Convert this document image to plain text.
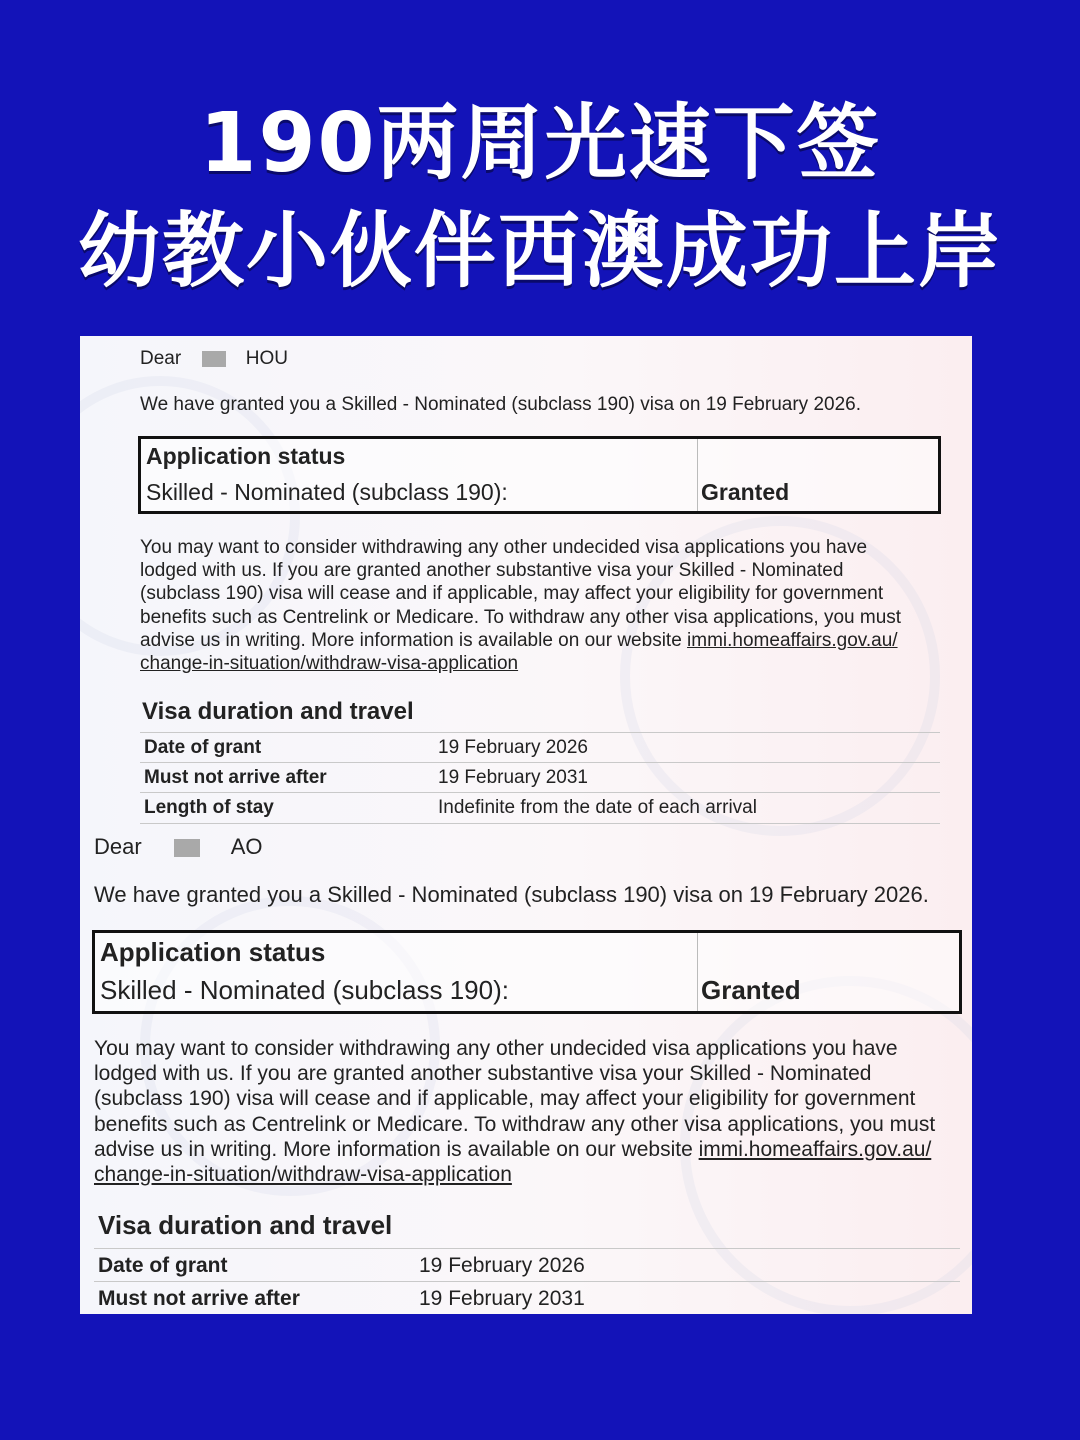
190两周光速下签
幼教小伙伴西澳成功上岸
Dear	HOU
We have granted you a Skilled - Nominated (subclass 190) visa on 19 February 2026.
Application status
Skilled - Nominated (subclass 190):	Granted

You may want to consider withdrawing any other undecided visa applications you have

lodged with us. If you are granted another substantive visa your Skilled - Nominated

(subclass 190) visa will cease and if applicable, may affect your eligibility for government

benefits such as Centrelink or Medicare. To withdraw any other visa applications, you must

advise us in writing. More information is available on our website immi.homeaffairs.gov.au/

change-in-situation/withdraw-visa-application

Visa duration and travel
Date of grant	19 February 2026
Must not arrive after	19 February 2031
Length of stay	Indefinite from the date of each arrival
Dear	AO
We have granted you a Skilled - Nominated (subclass 190) visa on 19 February 2026.
Application status
Skilled - Nominated (subclass 190):	Granted

You may want to consider withdrawing any other undecided visa applications you have

lodged with us. If you are granted another substantive visa your Skilled - Nominated

(subclass 190) visa will cease and if applicable, may affect your eligibility for government

benefits such as Centrelink or Medicare. To withdraw any other visa applications, you must

advise us in writing. More information is available on our website immi.homeaffairs.gov.au/

change-in-situation/withdraw-visa-application

Visa duration and travel
Date of grant	19 February 2026
Must not arrive after	19 February 2031
